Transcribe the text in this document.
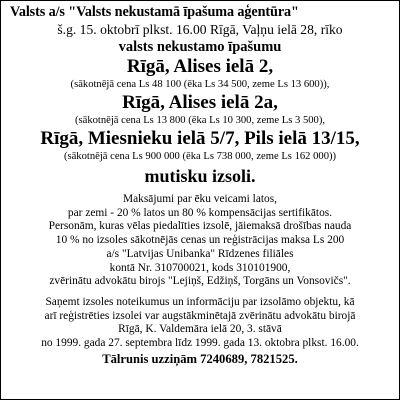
Valsts a/s "Valsts nekustamā īpašuma aģentūra"
š.g. 15. oktobrī plkst. 16.00 Rīgā, Vaļņu ielā 28, rīko
valsts nekustamo īpašumu
Rīgā, Alises ielā 2,
(sākotnējā cena Ls 48 100 (ēka Ls 34 500, zeme Ls 13 600)),
Rīgā, Alises ielā 2a,
(sākotnējā cena Ls 13 800 (ēka Ls 10 300, zeme Ls 3 500),
Rīgā, Miesnieku ielā 5/7, Pils ielā 13/15,
(sākotnējā cena Ls 900 000 (ēka Ls 738 000, zeme Ls 162 000))
mutisku izsoli.
Maksājumi par ēku veicami latos,
par zemi - 20 % latos un 80 % kompensācijas sertifikātos.
Personām, kuras vēlas piedalīties izsolē, jāiemaksā drošības nauda
10 % no izsoles sākotnējās cenas un reģistrācijas maksa Ls 200
a/s "Latvijas Unibanka" Rīdzenes filiāles
kontā Nr. 310700021, kods 310101900,
zvērinātu advokātu birojs "Lejiņš, Edžiņš, Torgāns un Vonsovičs".
Saņemt izsoles noteikumus un informāciju par izsolāmo objektu, kā
arī reģistrēties izsolei var augstākminētajā zvērinātu advokātu birojā
Rīgā, K. Valdemāra ielā 20, 3. stāvā
no 1999. gada 27. septembra līdz 1999. gada 13. oktobra plkst. 16.00.
Tālrunis uzziņām 7240689, 7821525.
